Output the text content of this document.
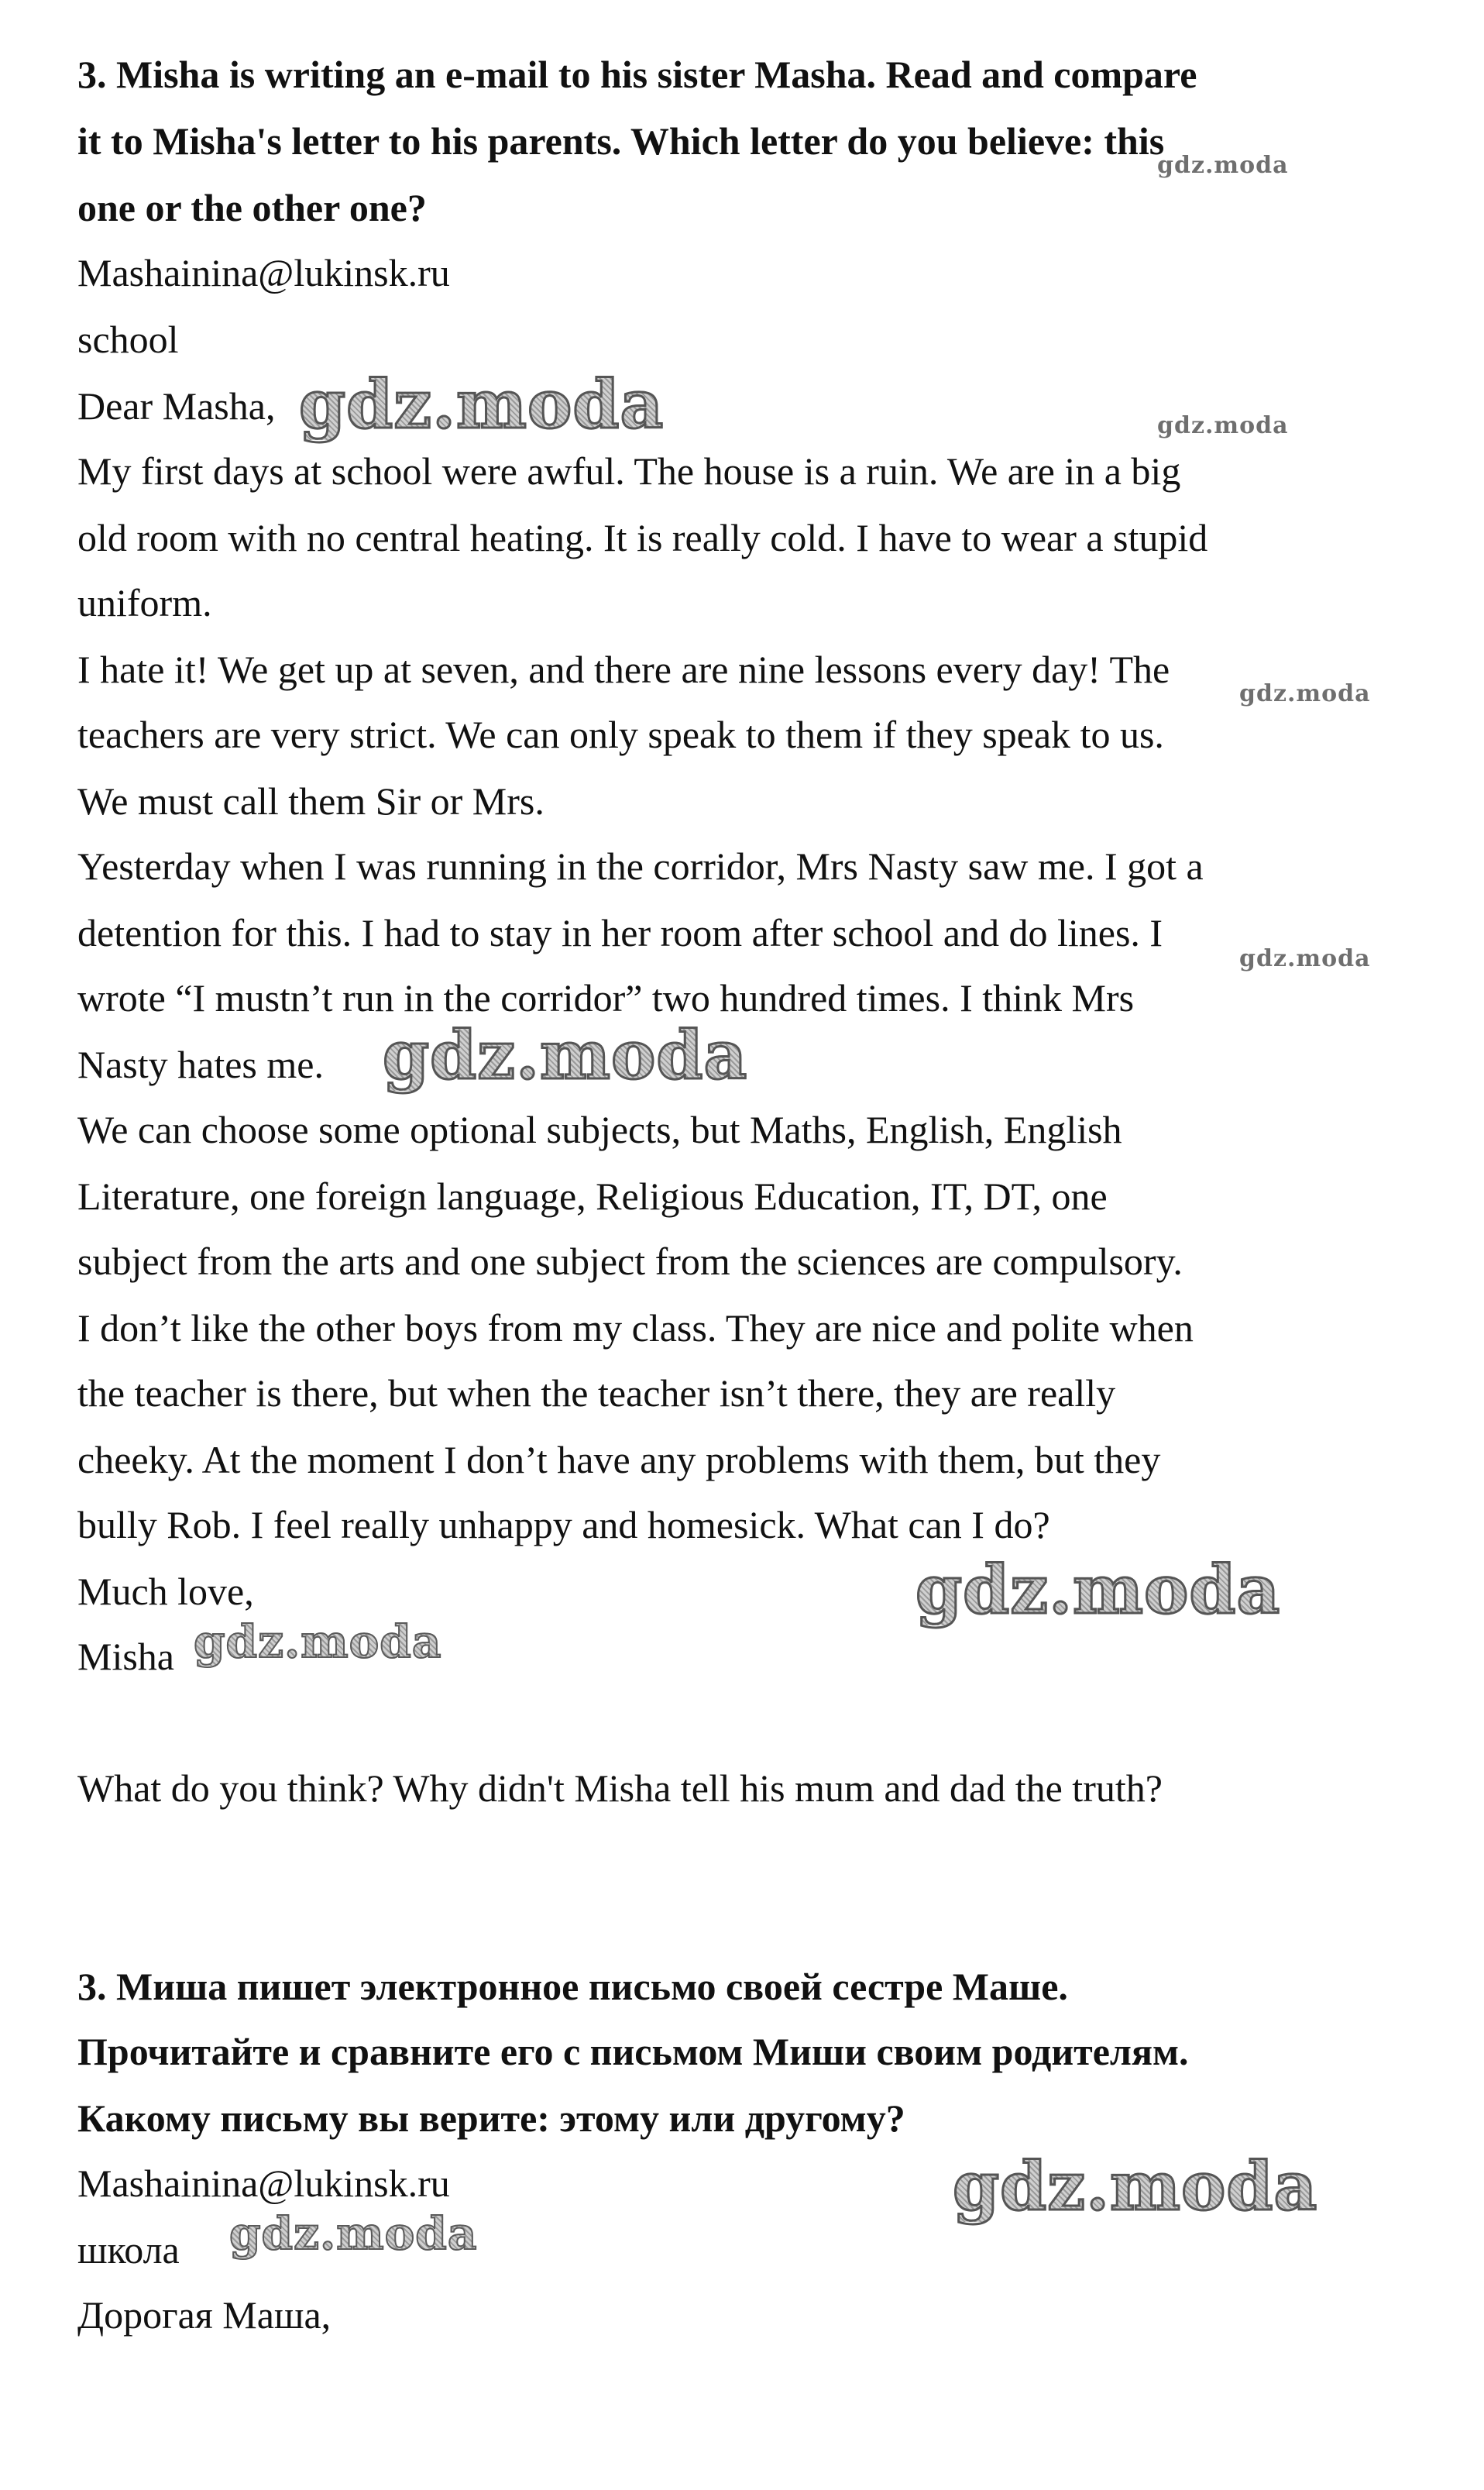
3. Misha is writing an e-mail to his sister Masha. Read and compare
it to Misha's letter to his parents. Which letter do you believe: this
one or the other one?
Mashainina@lukinsk.ru
school
Dear Masha,
My first days at school were awful. The house is a ruin. We are in a big
old room with no central heating. It is really cold. I have to wear a stupid
uniform.
I hate it! We get up at seven, and there are nine lessons every day! The
teachers are very strict. We can only speak to them if they speak to us.
We must call them Sir or Mrs.
Yesterday when I was running in the corridor, Mrs Nasty saw me. I got a
detention for this. I had to stay in her room after school and do lines. I
wrote “I mustn’t run in the corridor” two hundred times. I think Mrs
Nasty hates me.
We can choose some optional subjects, but Maths, English, English
Literature, one foreign language, Religious Education, IT, DT, one
subject from the arts and one subject from the sciences are compulsory.
I don’t like the other boys from my class. They are nice and polite when
the teacher is there, but when the teacher isn’t there, they are really
cheeky. At the moment I don’t have any problems with them, but they
bully Rob. I feel really unhappy and homesick. What can I do?
Much love,
Misha
What do you think? Why didn't Misha tell his mum and dad the truth?
3. Миша пишет электронное письмо своей сестре Маше.
Прочитайте и сравните его с письмом Миши своим родителям.
Какому письму вы верите: этому или другому?
Mashainina@lukinsk.ru
школа
Дорогая Маша,
gdz.moda
gdz.moda	gdz.moda
gdz.moda
gdz.moda
gdz.moda
gdz.moda
gdz.moda
gdz.moda
gdz.moda
